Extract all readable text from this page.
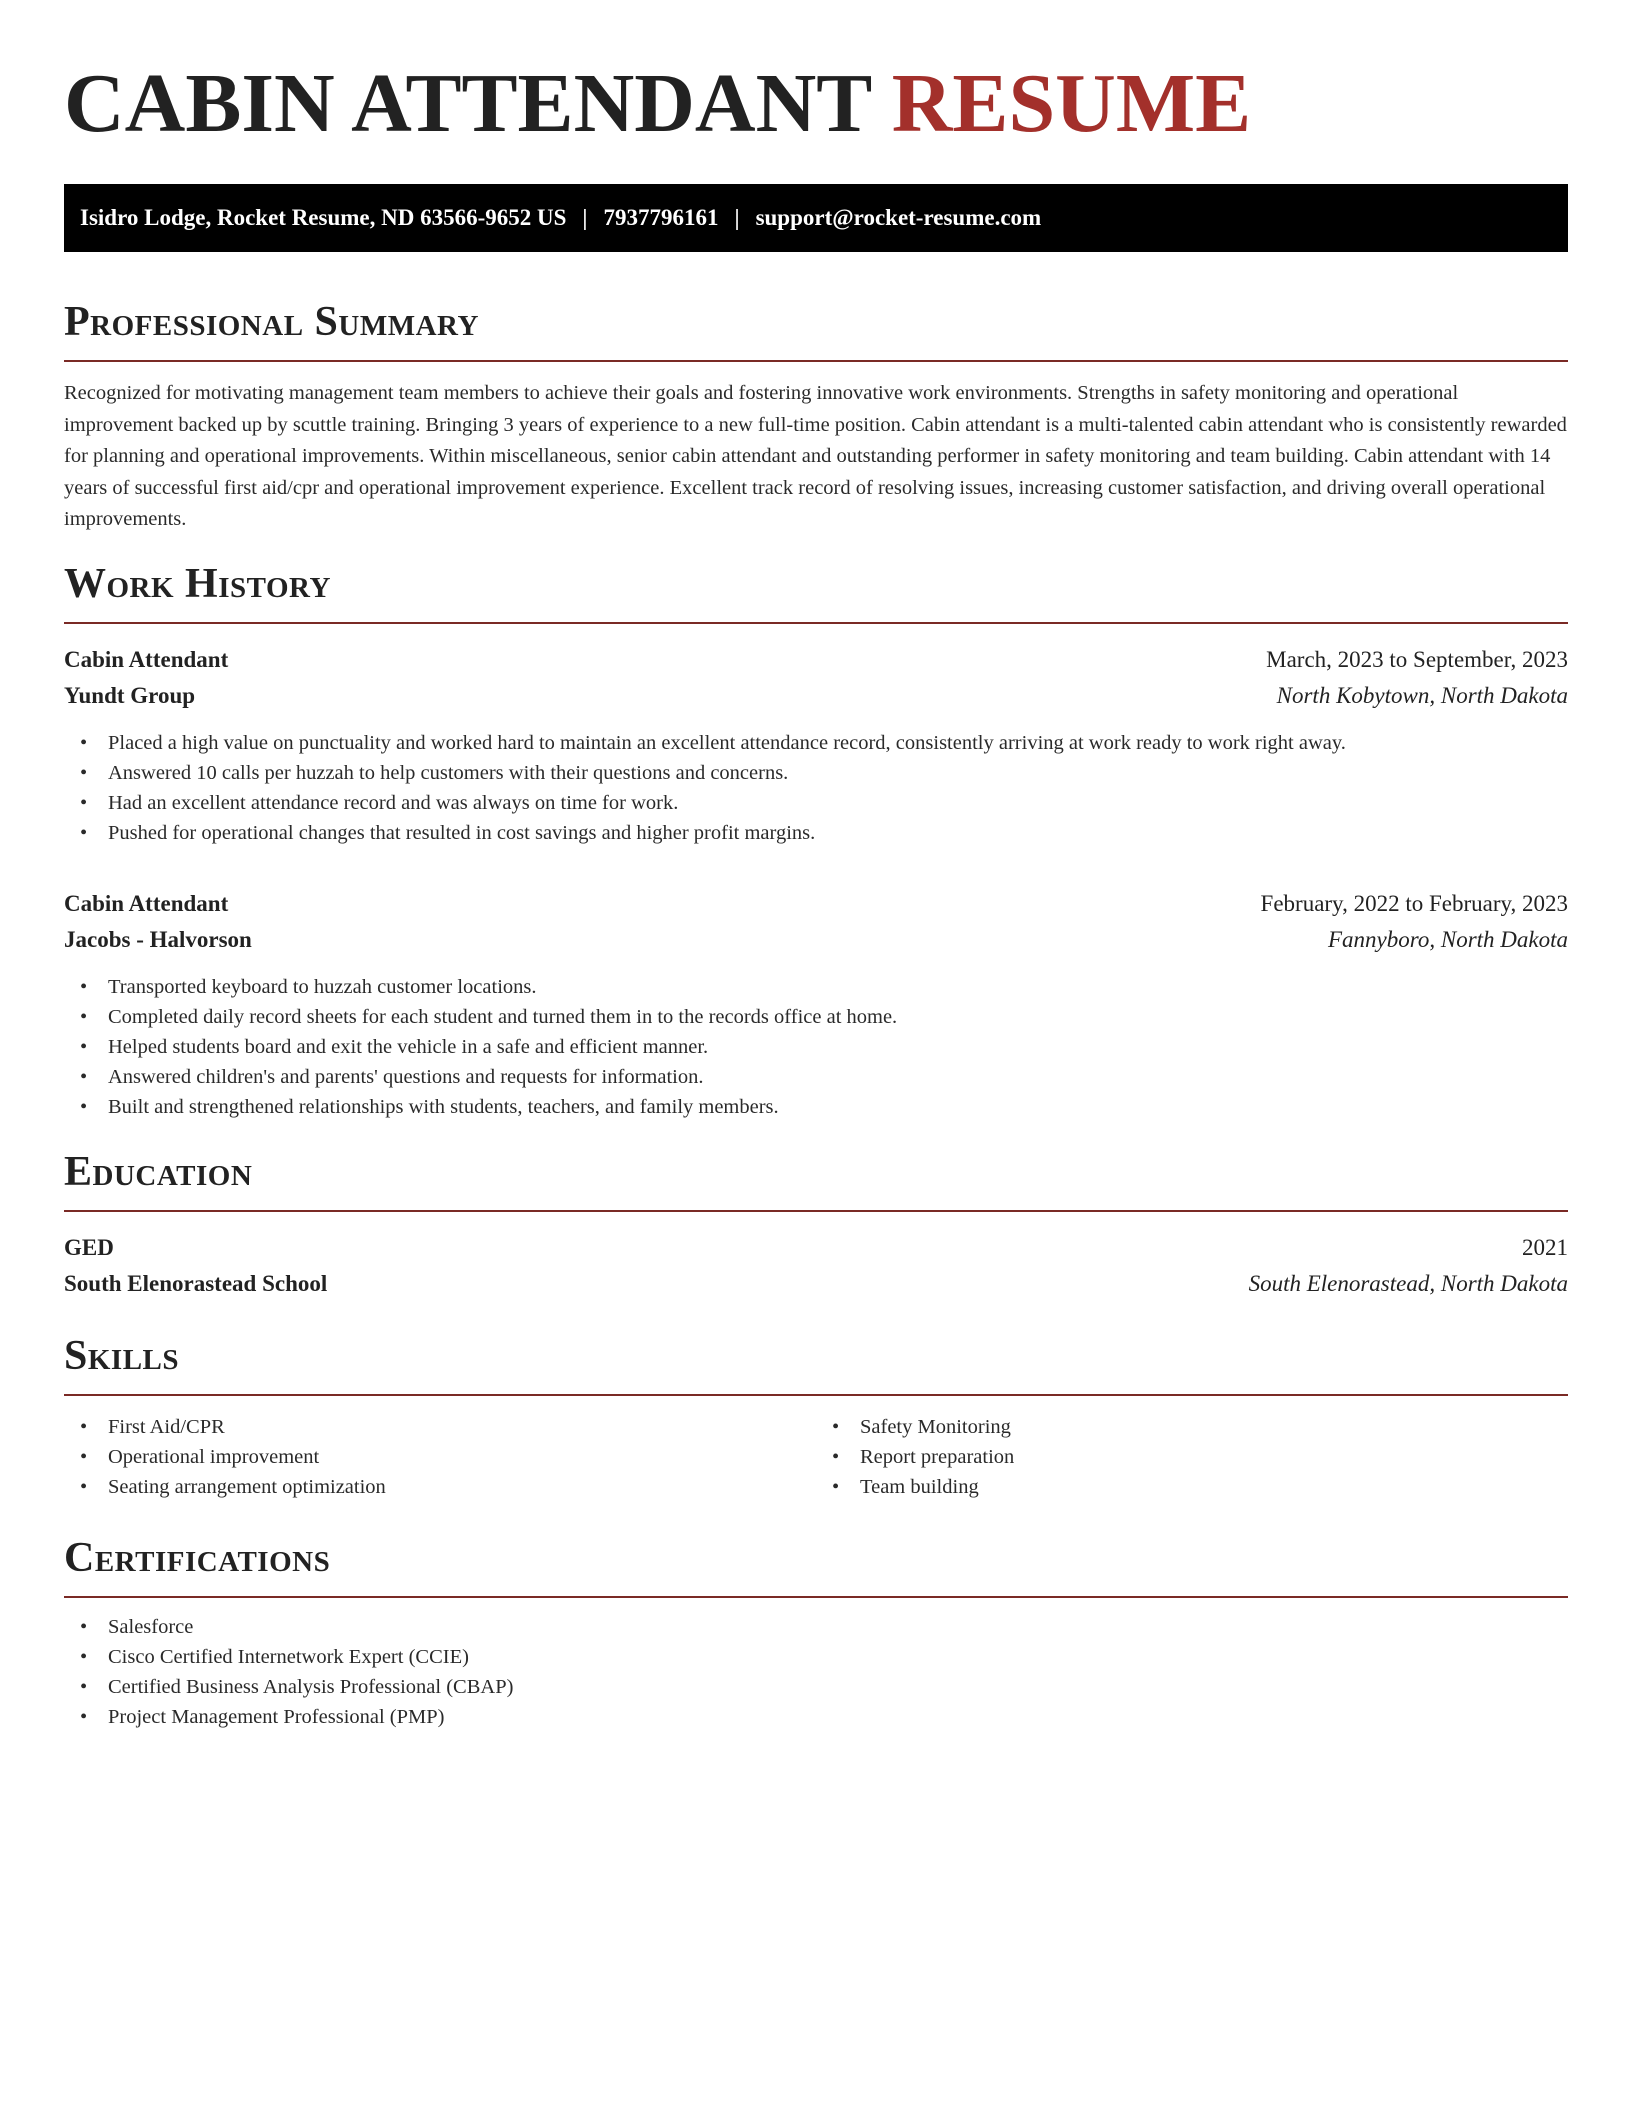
CABIN ATTENDANT RESUME
Isidro Lodge, Rocket Resume, ND 63566-9652 US | 7937796161 | support@rocket-resume.com
Professional Summary

Recognized for motivating management team members to achieve their goals and fostering innovative work environments. Strengths in safety monitoring and operational improvement backed up by scuttle training. Bringing 3 years of experience to a new full-time position. Cabin attendant is a multi-talented cabin attendant who is consistently rewarded for planning and operational improvements. Within miscellaneous, senior cabin attendant and outstanding performer in safety monitoring and team building. Cabin attendant with 14 years of successful first aid/cpr and operational improvement experience. Excellent track record of resolving issues, increasing customer satisfaction, and driving overall operational improvements.

Work History
Cabin Attendant	March, 2023 to September, 2023
Yundt Group	North Kobytown, North Dakota
• Placed a high value on punctuality and worked hard to maintain an excellent attendance record, consistently arriving at work ready to work right away.
• Answered 10 calls per huzzah to help customers with their questions and concerns.
• Had an excellent attendance record and was always on time for work.
• Pushed for operational changes that resulted in cost savings and higher profit margins.
Cabin Attendant	February, 2022 to February, 2023
Jacobs - Halvorson	Fannyboro, North Dakota
• Transported keyboard to huzzah customer locations.
• Completed daily record sheets for each student and turned them in to the records office at home.
• Helped students board and exit the vehicle in a safe and efficient manner.
• Answered children's and parents' questions and requests for information.
• Built and strengthened relationships with students, teachers, and family members.
Education
GED	2021
South Elenorastead School	South Elenorastead, North Dakota
Skills
• First Aid/CPR
• Operational improvement
• Seating arrangement optimization
• Safety Monitoring
• Report preparation
• Team building
Certifications
• Salesforce
• Cisco Certified Internetwork Expert (CCIE)
• Certified Business Analysis Professional (CBAP)
• Project Management Professional (PMP)
